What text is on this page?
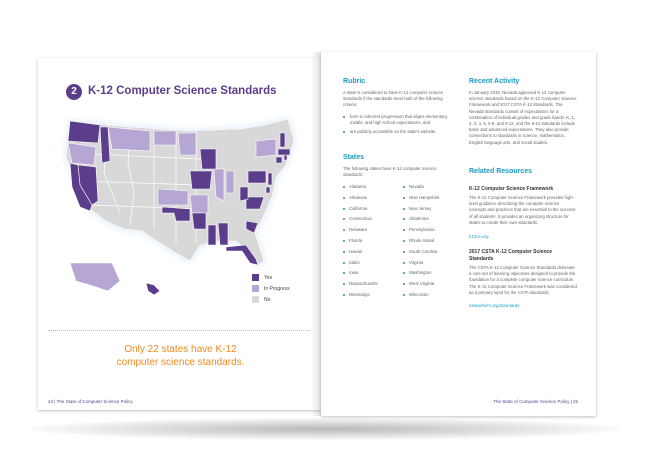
2 K-12 Computer Science Standards
Yes
In Progress
No
Only 22 states have K-12
computer science standards.
24 | The State of Computer Science Policy
Rubric
A state is considered to have K-12 computer science standards if the standards meet both of the following criteria:
form a coherent progression that aligns elementary, middle, and high school expectations, and
are publicly accessible on the state's website.
States
The following states have K-12 computer science standards:
Alabama
Arkansas
California
Connecticut
Delaware
Florida
Hawaii
Idaho
Iowa
Massachusetts
Mississippi
Nevada
New Hampshire
New Jersey
Oklahoma
Pennsylvania
Rhode Island
South Carolina
Virginia
Washington
West Virginia
Wisconsin
Recent Activity
In January 2018, Nevada approved K-12 computer science standards based on the K-12 Computer Science Framework and 2017 CSTA K-12 Standards. The Nevada standards consist of expectations for a combination of individual grades and grade bands: K, 1, 2, 3, 4, 5, 6-8, and 9-12, and the 9-12 standards include basic and advanced expectations. They also provide connections to standards in science, mathematics, English language arts, and social studies.
Related Resources
K-12 Computer Science Framework
The K-12 Computer Science Framework provides high-level guidance describing the computer science concepts and practices that are essential to the success of all students. It provides an organizing structure for states to create their own standards.
k12cs.org
2017 CSTA K-12 Computer Science Standards
The CSTA K-12 Computer Science Standards delineate a core set of learning objectives designed to provide the foundation for a complete computer science curriculum. The K-12 Computer Science Framework was considered as a primary input for the CSTA standards.
csteachers.org/standards
The State of Computer Science Policy | 25
